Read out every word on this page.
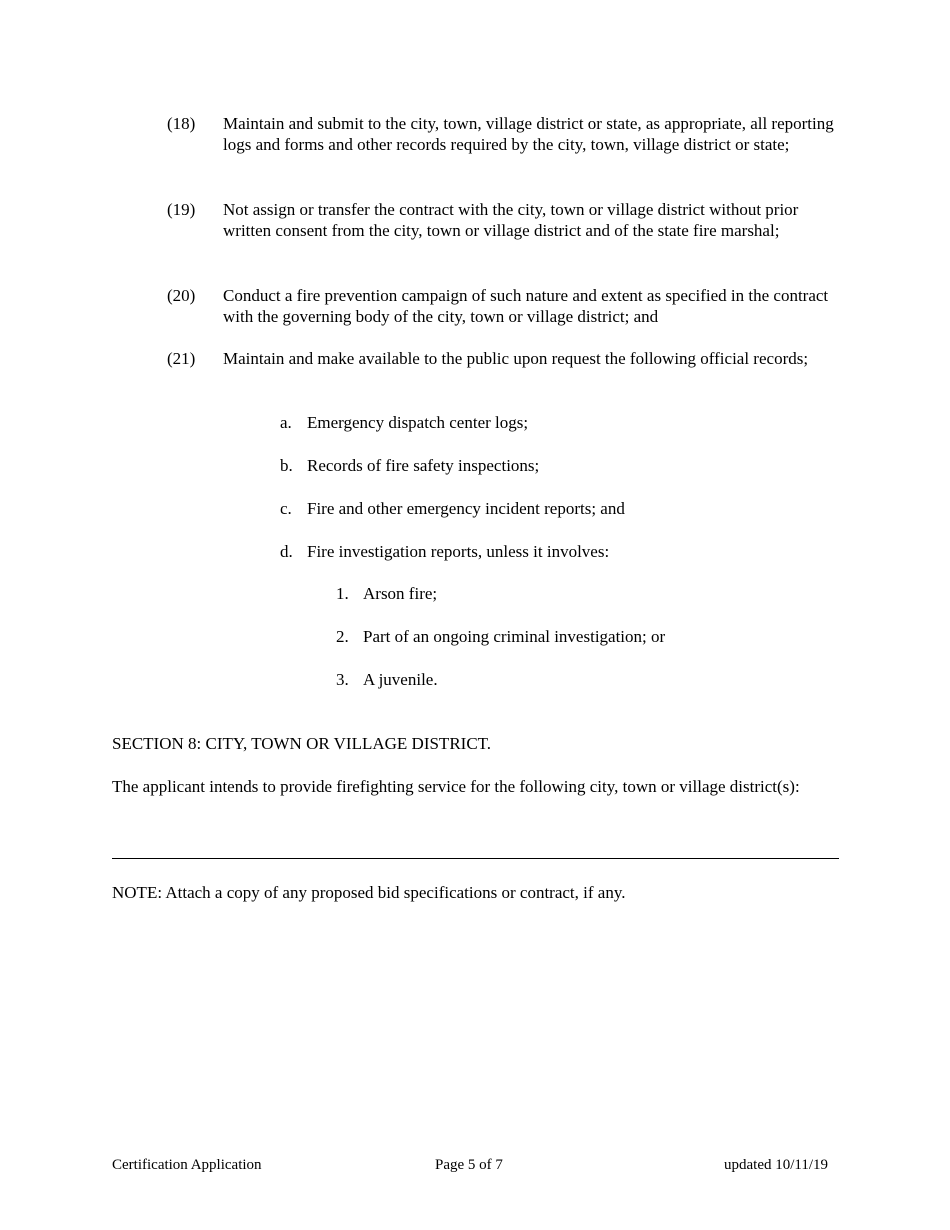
(18) Maintain and submit to the city, town, village district or state, as appropriate, all reporting logs and forms and other records required by the city, town, village district or state;
(19) Not assign or transfer the contract with the city, town or village district without prior written consent from the city, town or village district and of the state fire marshal;
(20) Conduct a fire prevention campaign of such nature and extent as specified in the contract with the governing body of the city, town or village district; and
(21) Maintain and make available to the public upon request the following official records;
a. Emergency dispatch center logs;
b. Records of fire safety inspections;
c. Fire and other emergency incident reports; and
d. Fire investigation reports, unless it involves:
1. Arson fire;
2. Part of an ongoing criminal investigation; or
3. A juvenile.
SECTION 8: CITY, TOWN OR VILLAGE DISTRICT.
The applicant intends to provide firefighting service for the following city, town or village district(s):
NOTE: Attach a copy of any proposed bid specifications or contract, if any.
Certification Application	Page 5 of 7	updated 10/11/19
